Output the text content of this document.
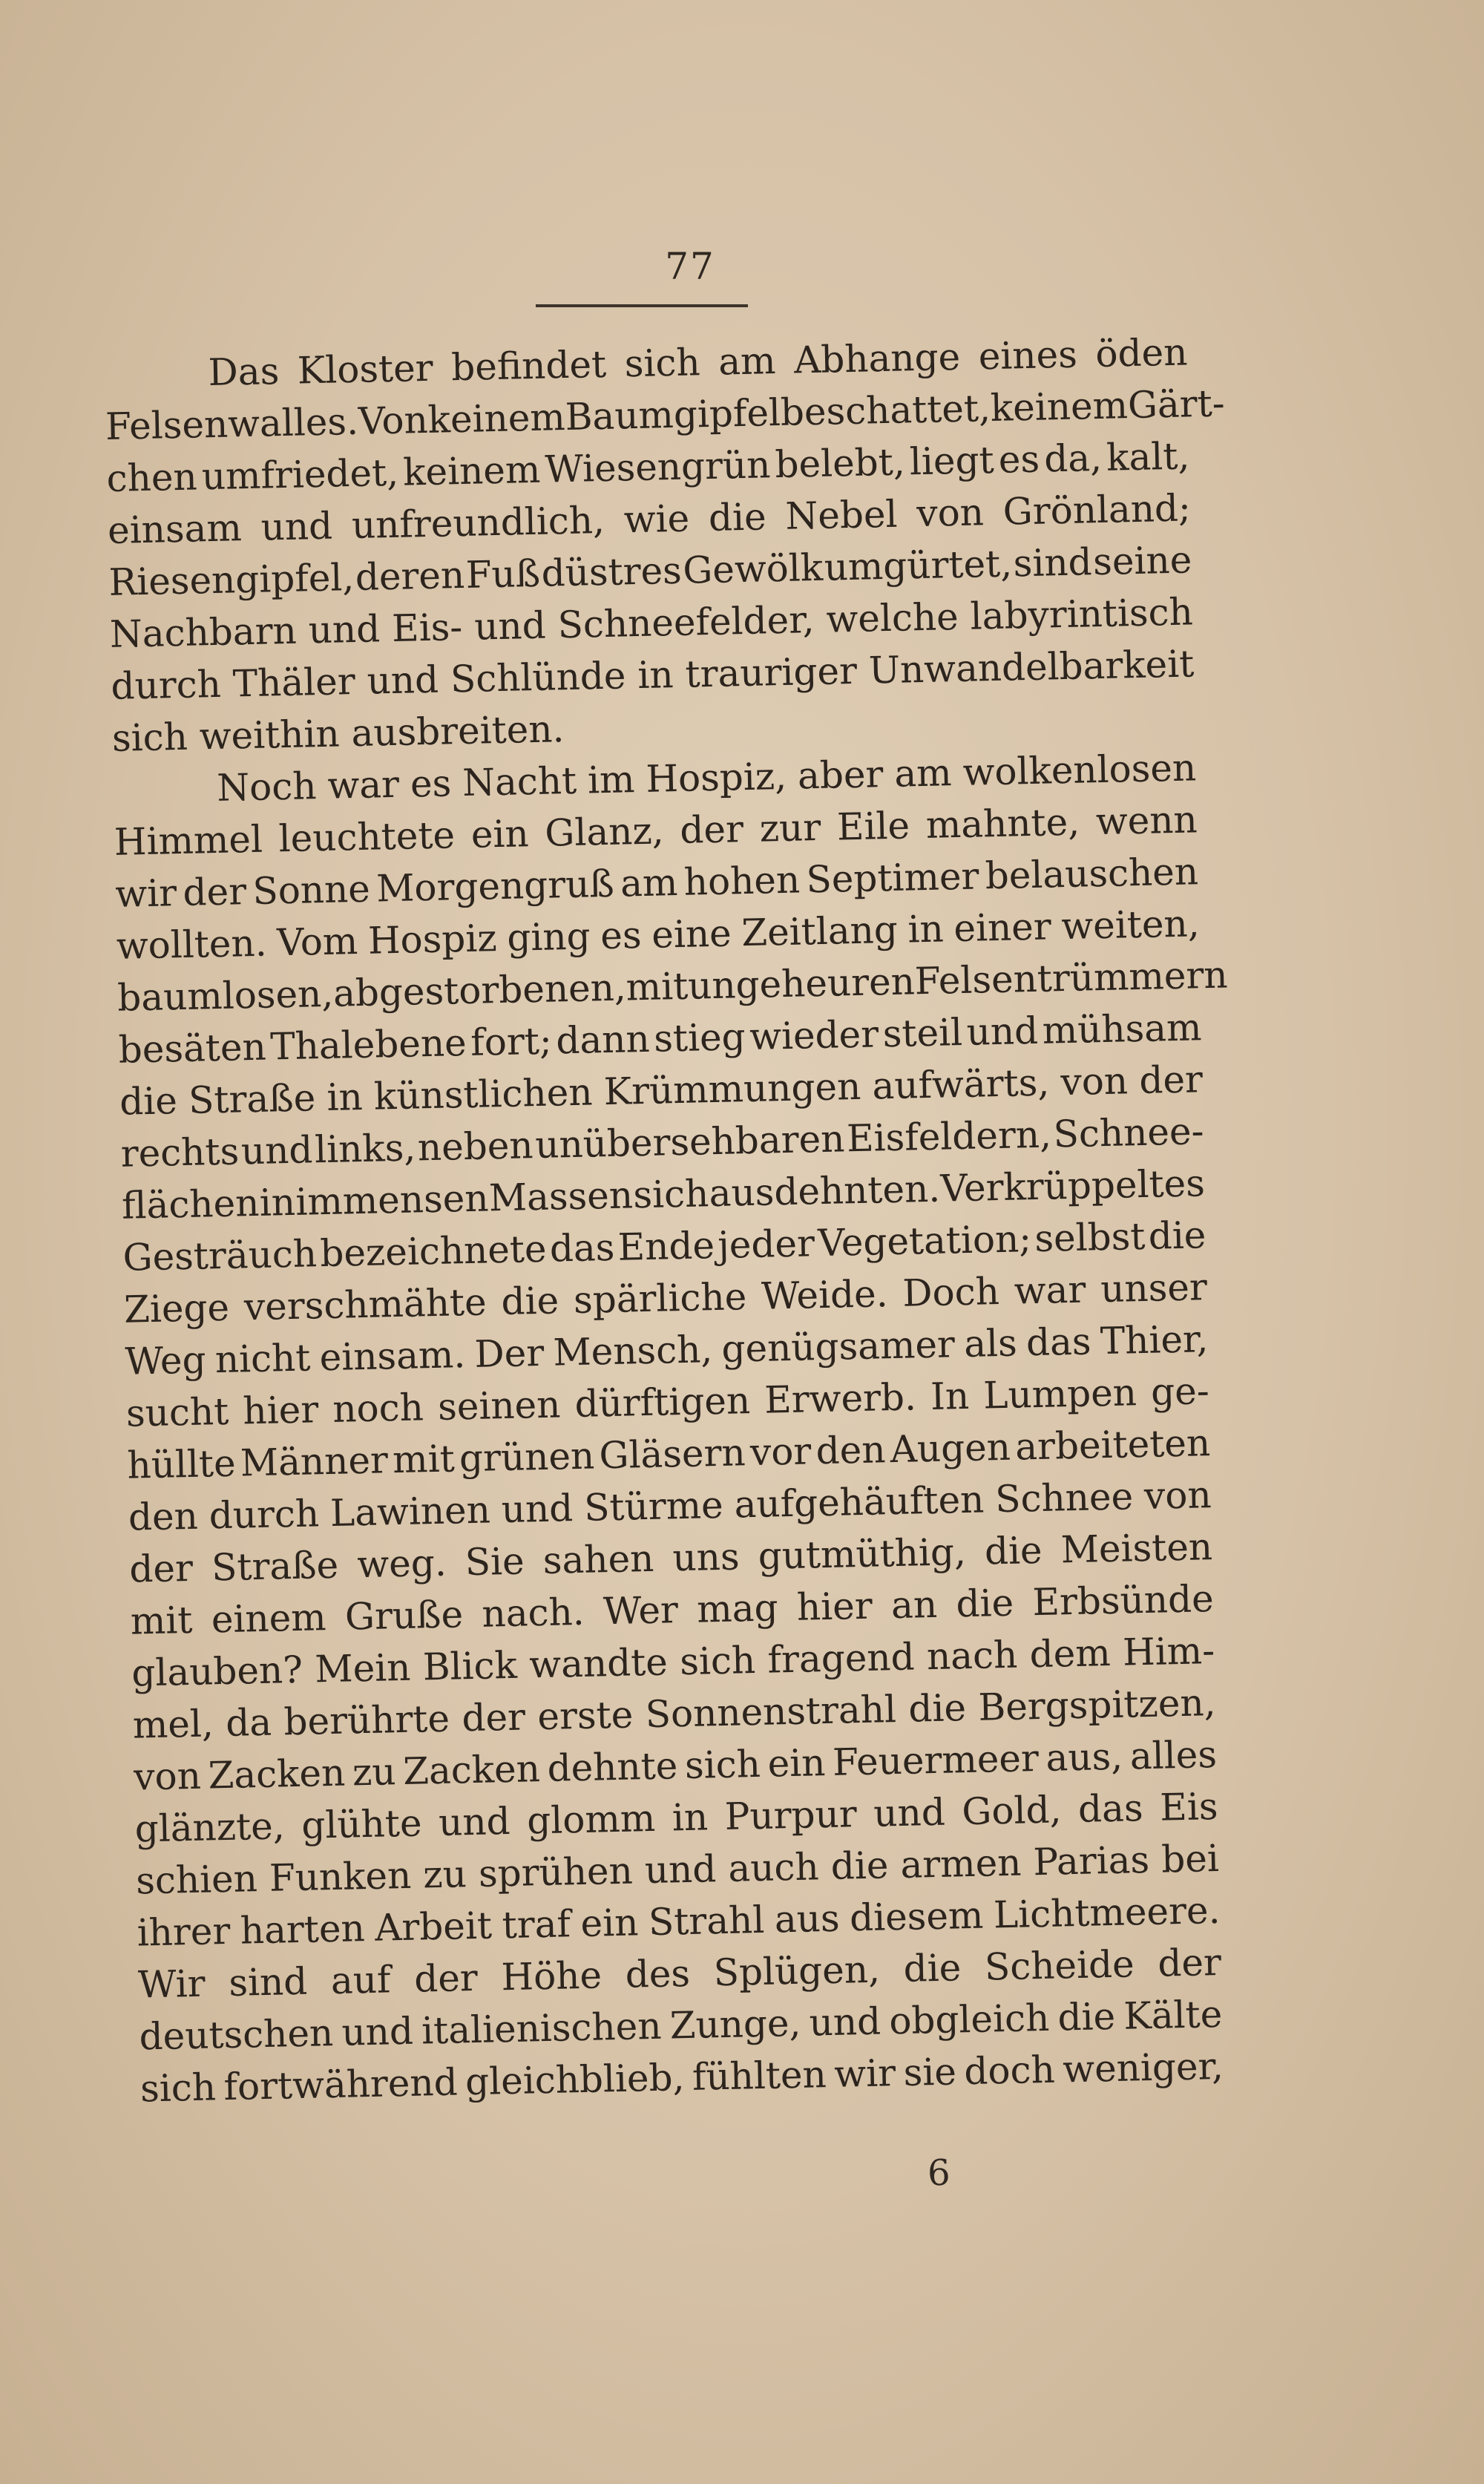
77
Das Kloster befindet sich am Abhange eines öden
Felsenwalles.
Von
keinem
Baumgipfel
beschattet,
keinem
Gärt-
chen umfriedet, keinem Wiesengrün belebt, liegt es da, kalt,
einsam und unfreundlich, wie die Nebel von Grönland;
Riesengipfel, deren Fuß düstres Gewölk umgürtet, sind seine
Nachbarn und Eis- und Schneefelder, welche labyrintisch
durch Thäler und Schlünde in trauriger Unwandelbarkeit
sich
weithin
ausbreiten.

Noch war es Nacht im Hospiz, aber am wolkenlosen
Himmel leuchtete ein Glanz, der zur Eile mahnte, wenn
wir der Sonne Morgengruß am hohen Septimer belauschen
wollten. Vom Hospiz ging es eine Zeitlang in einer weiten,
baumlosen,
abgestorbenen,
mit
ungeheuren
Felsentrümmern
besäten Thalebene fort; dann stieg wieder steil und mühsam
die Straße in künstlichen Krümmungen aufwärts, von der
rechts und links, neben unübersehbaren Eisfeldern, Schnee-
flächen in immensen Massen sich ausdehnten. Verkrüppeltes
Gesträuch bezeichnete das Ende jeder Vegetation; selbst die
Ziege verschmähte die spärliche Weide. Doch war unser
Weg nicht einsam. Der Mensch, genügsamer als das Thier,
sucht hier noch seinen dürftigen Erwerb. In Lumpen ge-
hüllte Männer mit grünen Gläsern vor den Augen arbeiteten
den durch Lawinen und Stürme aufgehäuften Schnee von
der Straße weg. Sie sahen uns gutmüthig, die Meisten
mit einem Gruße nach. Wer mag hier an die Erbsünde
glauben? Mein Blick wandte sich fragend nach dem Him-
mel, da berührte der erste Sonnenstrahl die Bergspitzen,
von Zacken zu Zacken dehnte sich ein Feuermeer aus, alles
glänzte, glühte und glomm in Purpur und Gold, das Eis
schien Funken zu sprühen und auch die armen Parias bei
ihrer harten Arbeit traf ein Strahl aus diesem Lichtmeere.
Wir sind auf der Höhe des Splügen, die Scheide der
deutschen und italienischen Zunge, und obgleich die Kälte
sich fortwährend gleichblieb, fühlten wir sie doch weniger,
6
